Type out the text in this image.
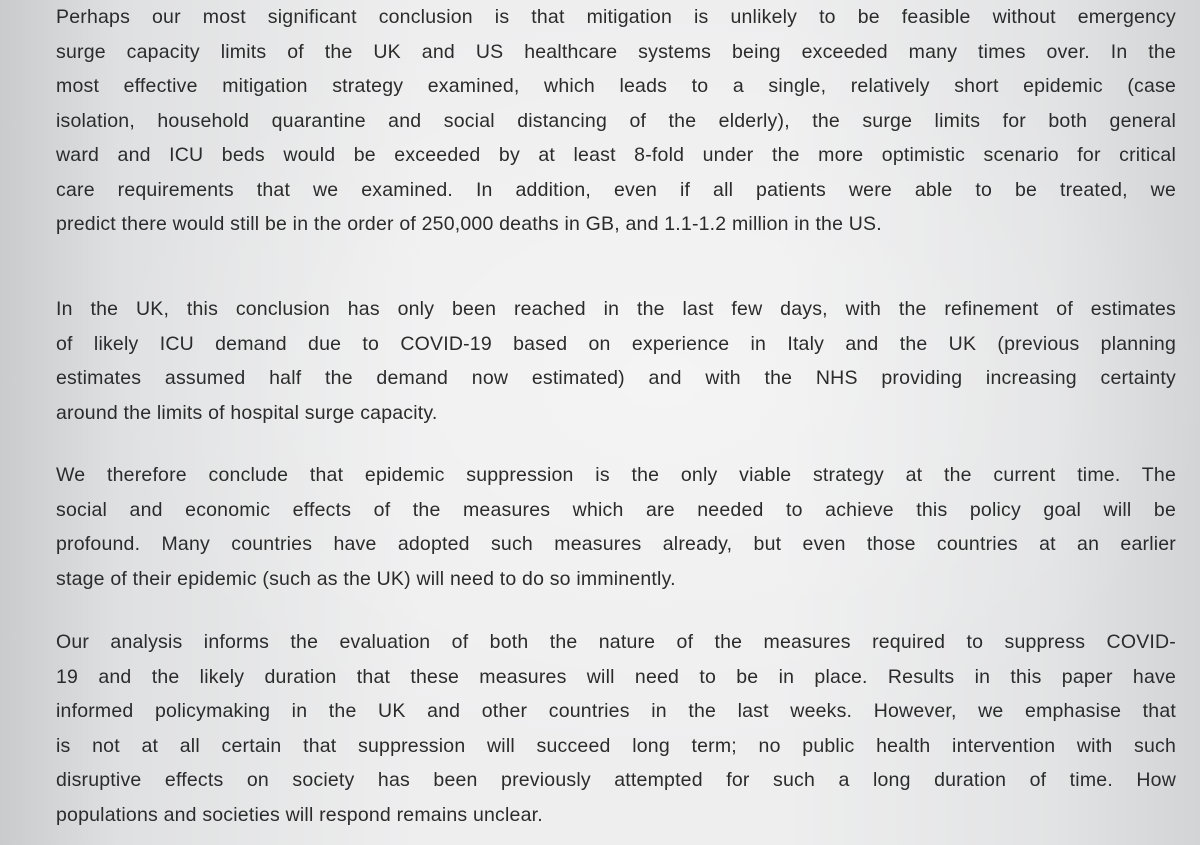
Perhaps our most significant conclusion is that mitigation is unlikely to be feasible without emergency
surge capacity limits of the UK and US healthcare systems being exceeded many times over. In the
most effective mitigation strategy examined, which leads to a single, relatively short epidemic (case
isolation, household quarantine and social distancing of the elderly), the surge limits for both general
ward and ICU beds would be exceeded by at least 8-fold under the more optimistic scenario for critical
care requirements that we examined. In addition, even if all patients were able to be treated, we
predict there would still be in the order of 250,000 deaths in GB, and 1.1-1.2 million in the US.

In the UK, this conclusion has only been reached in the last few days, with the refinement of estimates
of likely ICU demand due to COVID-19 based on experience in Italy and the UK (previous planning
estimates assumed half the demand now estimated) and with the NHS providing increasing certainty
around the limits of hospital surge capacity.

We therefore conclude that epidemic suppression is the only viable strategy at the current time. The
social and economic effects of the measures which are needed to achieve this policy goal will be
profound. Many countries have adopted such measures already, but even those countries at an earlier
stage of their epidemic (such as the UK) will need to do so imminently.

Our analysis informs the evaluation of both the nature of the measures required to suppress COVID-
19 and the likely duration that these measures will need to be in place. Results in this paper have
informed policymaking in the UK and other countries in the last weeks. However, we emphasise that
is not at all certain that suppression will succeed long term; no public health intervention with such
disruptive effects on society has been previously attempted for such a long duration of time. How
populations and societies will respond remains unclear.
